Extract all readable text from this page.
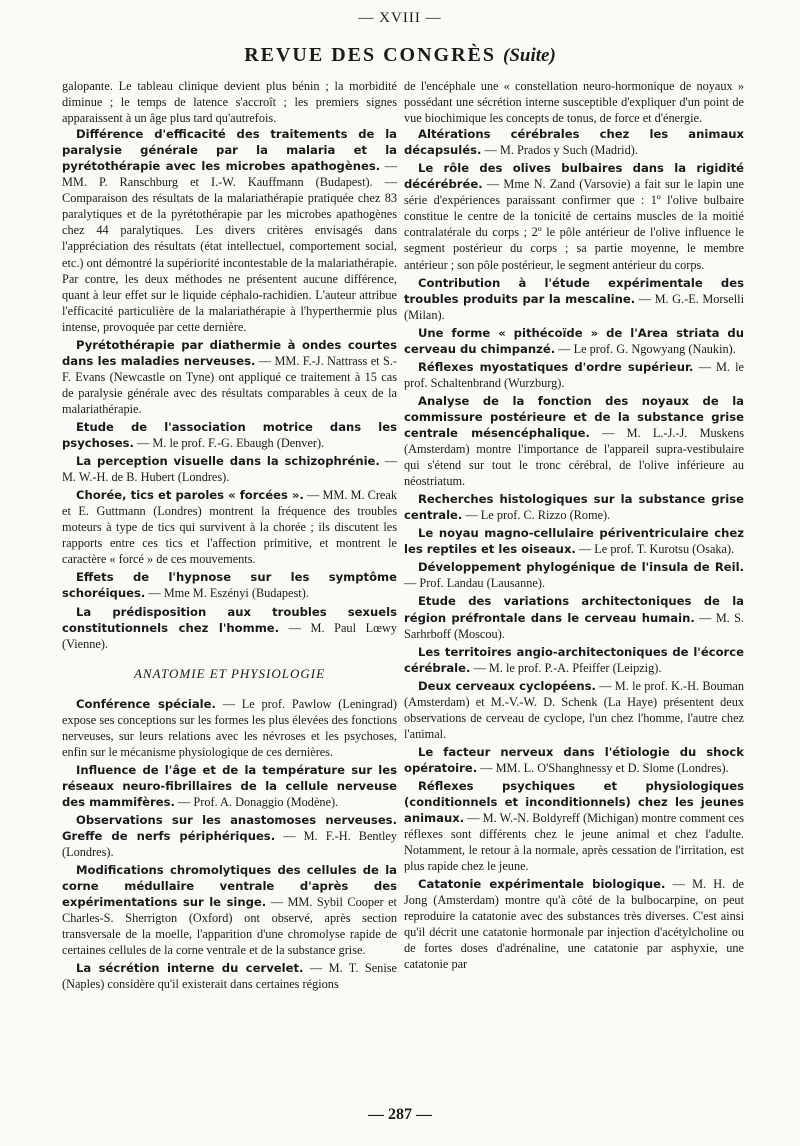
— XVIII —
REVUE DES CONGRÈS (Suite)

galopante. Le tableau clinique devient plus bénin ; la morbidité diminue ; le temps de latence s'accroît ; les premiers signes apparaissent à un âge plus tard qu'autrefois.

Différence d'efficacité des traitements de la paralysie générale par la malaria et la pyrétothérapie avec les microbes apathogènes. — MM. P. Ranschburg et I.-W. Kauffmann (Budapest). — Comparaison des résultats de la malariathérapie pratiquée chez 83 paralytiques et de la pyrétothérapie par les microbes apathogènes chez 44 paralytiques. Les divers critères envisagés dans l'appréciation des résultats (état intellectuel, comportement social, etc.) ont démontré la supériorité incontestable de la malariathérapie. Par contre, les deux méthodes ne présentent aucune différence, quant à leur effet sur le liquide céphalo-rachidien. L'auteur attribue l'efficacité particulière de la malariathérapie à l'hyperthermie plus intense, provoquée par cette dernière.

Pyrétothérapie par diathermie à ondes courtes dans les maladies nerveuses. — MM. F.-J. Nattrass et S.-F. Evans (Newcastle on Tyne) ont appliqué ce traitement à 15 cas de paralysie générale avec des résultats comparables à ceux de la malariathérapie.

Etude de l'association motrice dans les psychoses. — M. le prof. F.-G. Ebaugh (Denver).

La perception visuelle dans la schizophrénie. — M. W.-H. de B. Hubert (Londres).

Chorée, tics et paroles « forcées ». — MM. M. Creak et E. Guttmann (Londres) montrent la fréquence des troubles moteurs à type de tics qui survivent à la chorée ; ils discutent les rapports entre ces tics et l'affection primitive, et montrent le caractère « forcé » de ces mouvements.

Effets de l'hypnose sur les symptôme schoréiques. — Mme M. Eszényi (Budapest).

La prédisposition aux troubles sexuels constitutionnels chez l'homme. — M. Paul Lœwy (Vienne).

ANATOMIE ET PHYSIOLOGIE

Conférence spéciale. — Le prof. Pawlow (Leningrad) expose ses conceptions sur les formes les plus élevées des fonctions nerveuses, sur leurs relations avec les névroses et les psychoses, enfin sur le mécanisme physiologique de ces dernières.

Influence de l'âge et de la température sur les réseaux neuro-fibrillaires de la cellule nerveuse des mammifères. — Prof. A. Donaggio (Modène).

Observations sur les anastomoses nerveuses. Greffe de nerfs périphériques. — M. F.-H. Bentley (Londres).

Modifications chromolytiques des cellules de la corne médullaire ventrale d'après des expérimentations sur le singe. — MM. Sybil Cooper et Charles-S. Sherrigton (Oxford) ont observé, après section transversale de la moelle, l'apparition d'une chromolyse rapide de certaines cellules de la corne ventrale et de la substance grise.

La sécrétion interne du cervelet. — M. T. Senise (Naples) considère qu'il existerait dans certaines régions

de l'encéphale une « constellation neuro-hormonique de noyaux » possédant une sécrétion interne susceptible d'expliquer d'un point de vue biochimique les concepts de tonus, de force et d'énergie.

Altérations cérébrales chez les animaux décapsulés. — M. Prados y Such (Madrid).

Le rôle des olives bulbaires dans la rigidité décérébrée. — Mme N. Zand (Varsovie) a fait sur le lapin une série d'expériences paraissant confirmer que : 1º l'olive bulbaire constitue le centre de la tonicité de certains muscles de la moitié contralatérale du corps ; 2º le pôle antérieur de l'olive influence le segment postérieur du corps ; sa partie moyenne, le membre antérieur ; son pôle postérieur, le segment antérieur du corps.

Contribution à l'étude expérimentale des troubles produits par la mescaline. — M. G.-E. Morselli (Milan).

Une forme « pithécoïde » de l'Area striata du cerveau du chimpanzé. — Le prof. G. Ngowyang (Naukin).

Réflexes myostatiques d'ordre supérieur. — M. le prof. Schaltenbrand (Wurzburg).

Analyse de la fonction des noyaux de la commissure postérieure et de la substance grise centrale mésencéphalique. — M. L.-J.-J. Muskens (Amsterdam) montre l'importance de l'appareil supra-vestibulaire qui s'étend sur tout le tronc cérébral, de l'olive inférieure au néostriatum.

Recherches histologiques sur la substance grise centrale. — Le prof. C. Rizzo (Rome).

Le noyau magno-cellulaire périventriculaire chez les reptiles et les oiseaux. — Le prof. T. Kurotsu (Osaka).

Développement phylogénique de l'insula de Reil. — Prof. Landau (Lausanne).

Etude des variations architectoniques de la région préfrontale dans le cerveau humain. — M. S. Sarhrboff (Moscou).

Les territoires angio-architectoniques de l'écorce cérébrale. — M. le prof. P.-A. Pfeiffer (Leipzig).

Deux cerveaux cyclopéens. — M. le prof. K.-H. Bouman (Amsterdam) et M.-V.-W. D. Schenk (La Haye) présentent deux observations de cerveau de cyclope, l'un chez l'homme, l'autre chez l'animal.

Le facteur nerveux dans l'étiologie du shock opératoire. — MM. L. O'Shanghnessy et D. Slome (Londres).

Réflexes psychiques et physiologiques (conditionnels et inconditionnels) chez les jeunes animaux. — M. W.-N. Boldyreff (Michigan) montre comment ces réflexes sont différents chez le jeune animal et chez l'adulte. Notamment, le retour à la normale, après cessation de l'irritation, est plus rapide chez le jeune.

Catatonie expérimentale biologique. — M. H. de Jong (Amsterdam) montre qu'à côté de la bulbocarpine, on peut reproduire la catatonie avec des substances très diverses. C'est ainsi qu'il décrit une catatonie hormonale par injection d'acétylcholine ou de fortes doses d'adrénaline, une catatonie par asphyxie, une catatonie par

— 287 —
